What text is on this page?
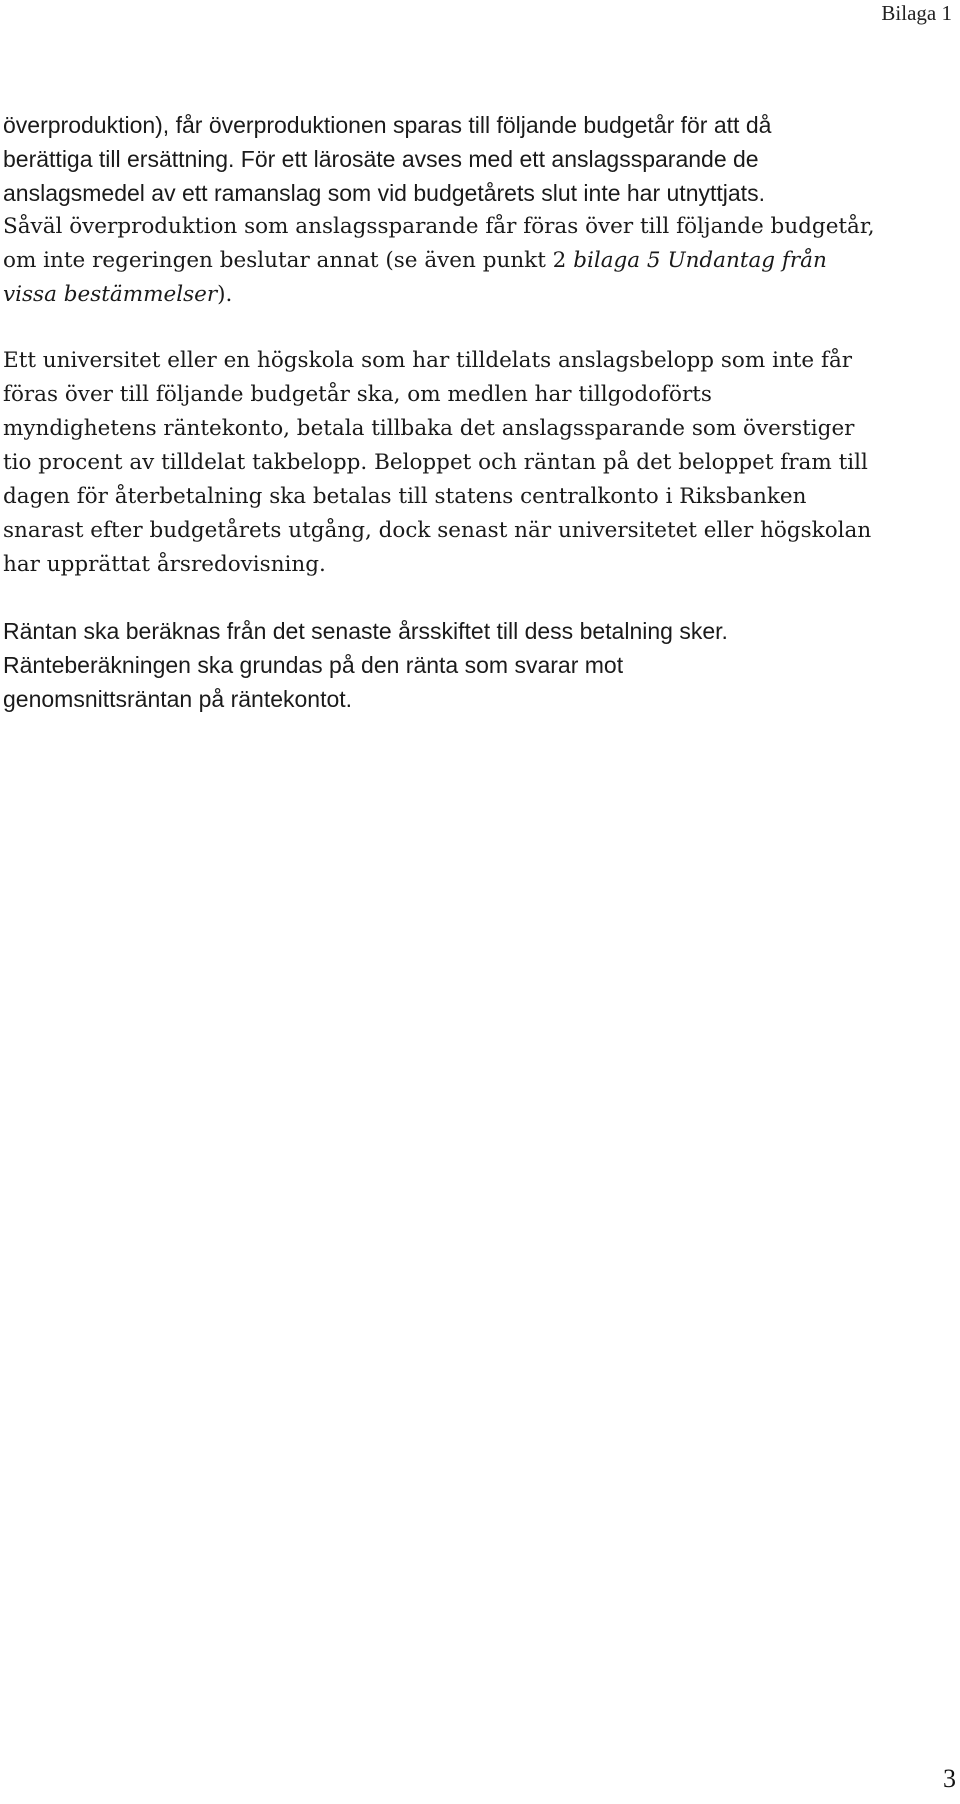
Bilaga 1

överproduktion), får överproduktionen sparas till följande budgetår för att då
berättiga till ersättning. För ett lärosäte avses med ett anslagssparande de
anslagsmedel av ett ramanslag som vid budgetårets slut inte har utnyttjats.
Såväl överproduktion som anslagssparande får föras över till följande budgetår,
om inte regeringen beslutar annat (se även punkt 2 bilaga 5 Undantag från
vissa bestämmelser).

Ett universitet eller en högskola som har tilldelats anslagsbelopp som inte får
föras över till följande budgetår ska, om medlen har tillgodoförts
myndighetens räntekonto, betala tillbaka det anslagssparande som överstiger
tio procent av tilldelat takbelopp. Beloppet och räntan på det beloppet fram till
dagen för återbetalning ska betalas till statens centralkonto i Riksbanken
snarast efter budgetårets utgång, dock senast när universitetet eller högskolan
har upprättat årsredovisning.

Räntan ska beräknas från det senaste årsskiftet till dess betalning sker.
Ränteberäkningen ska grundas på den ränta som svarar mot
genomsnittsräntan på räntekontot.

3
